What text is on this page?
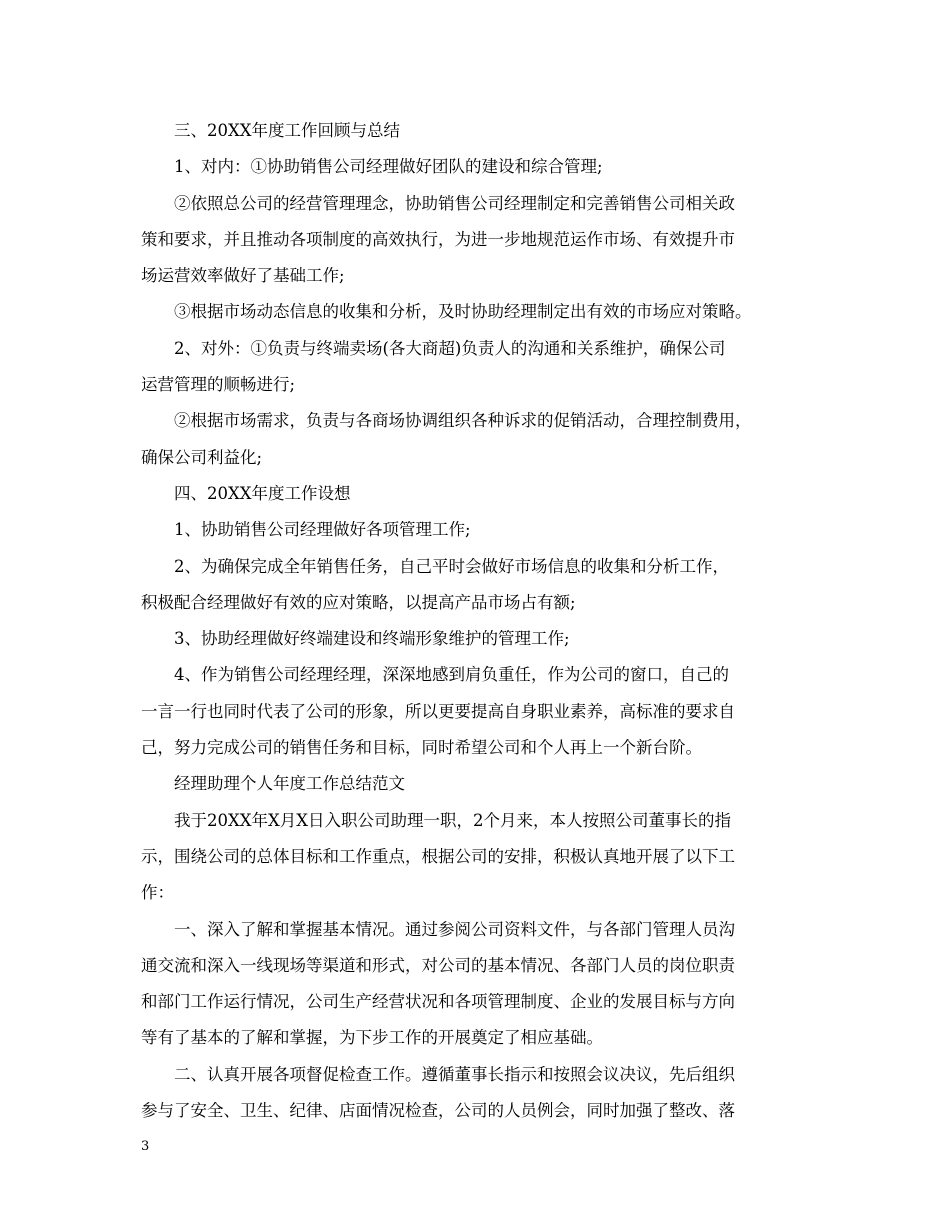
三、20XX年度工作回顾与总结
1、对内：①协助销售公司经理做好团队的建设和综合管理;
②依照总公司的经营管理理念，协助销售公司经理制定和完善销售公司相关政
策和要求，并且推动各项制度的高效执行，为进一步地规范运作市场、有效提升市
场运营效率做好了基础工作;
③根据市场动态信息的收集和分析，及时协助经理制定出有效的市场应对策略。
2、对外：①负责与终端卖场(各大商超)负责人的沟通和关系维护，确保公司
运营管理的顺畅进行;
②根据市场需求，负责与各商场协调组织各种诉求的促销活动，合理控制费用，
确保公司利益化;
四、20XX年度工作设想
1、协助销售公司经理做好各项管理工作;
2、为确保完成全年销售任务，自己平时会做好市场信息的收集和分析工作，
积极配合经理做好有效的应对策略，以提高产品市场占有额;
3、协助经理做好终端建设和终端形象维护的管理工作;
4、作为销售公司经理经理，深深地感到肩负重任，作为公司的窗口，自己的
一言一行也同时代表了公司的形象，所以更要提高自身职业素养，高标准的要求自
己，努力完成公司的销售任务和目标，同时希望公司和个人再上一个新台阶。
经理助理个人年度工作总结范文
我于20XX年X月X日入职公司助理一职，2个月来，本人按照公司董事长的指
示，围绕公司的总体目标和工作重点，根据公司的安排，积极认真地开展了以下工
作：
一、深入了解和掌握基本情况。通过参阅公司资料文件，与各部门管理人员沟
通交流和深入一线现场等渠道和形式，对公司的基本情况、各部门人员的岗位职责
和部门工作运行情况，公司生产经营状况和各项管理制度、企业的发展目标与方向
等有了基本的了解和掌握，为下步工作的开展奠定了相应基础。
二、认真开展各项督促检查工作。遵循董事长指示和按照会议决议，先后组织
参与了安全、卫生、纪律、店面情况检查，公司的人员例会，同时加强了整改、落
3
